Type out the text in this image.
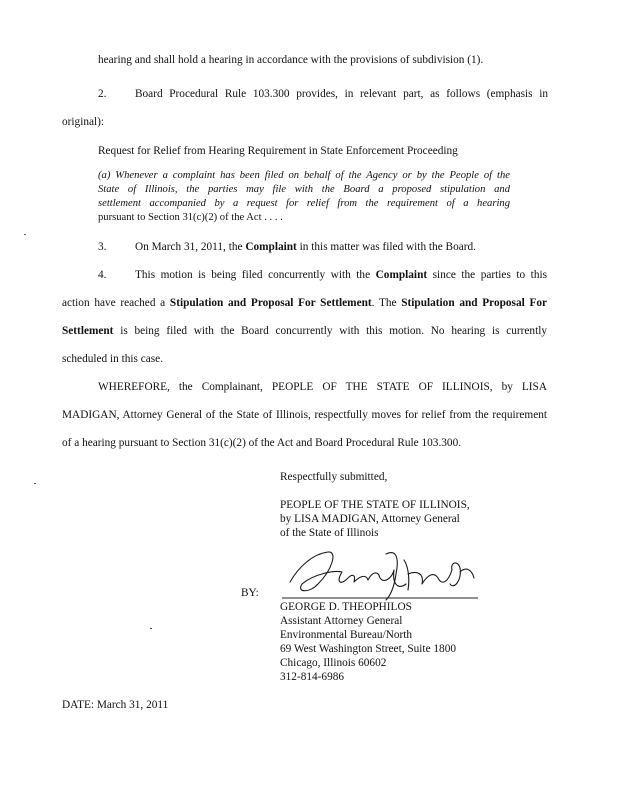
hearing and shall hold a hearing in accordance with the provisions of subdivision (1).
2.	Board Procedural Rule 103.300 provides, in relevant part, as follows (emphasis in
original):
Request for Relief from Hearing Requirement in State Enforcement Proceeding
(a) Whenever a complaint has been filed on behalf of the Agency or by the People of the
State of Illinois, the parties may file with the Board a proposed stipulation and
settlement accompanied by a request for relief from the requirement of a hearing
pursuant to Section 31(c)(2) of the Act . . . .
3.	On March 31, 2011, the Complaint in this matter was filed with the Board.
4.	This motion is being filed concurrently with the Complaint since the parties to this
action have reached a Stipulation and Proposal For Settlement. The Stipulation and Proposal For
Settlement is being filed with the Board concurrently with this motion. No hearing is currently
scheduled in this case.
WHEREFORE, the Complainant, PEOPLE OF THE STATE OF ILLINOIS, by LISA
MADIGAN, Attorney General of the State of Illinois, respectfully moves for relief from the requirement
of a hearing pursuant to Section 31(c)(2) of the Act and Board Procedural Rule 103.300.
Respectfully submitted,
PEOPLE OF THE STATE OF ILLINOIS,
by LISA MADIGAN, Attorney General
of the State of Illinois
BY:
GEORGE D. THEOPHILOS
Assistant Attorney General
Environmental Bureau/North
69 West Washington Street, Suite 1800
Chicago, Illinois 60602
312-814-6986
DATE: March 31, 2011
